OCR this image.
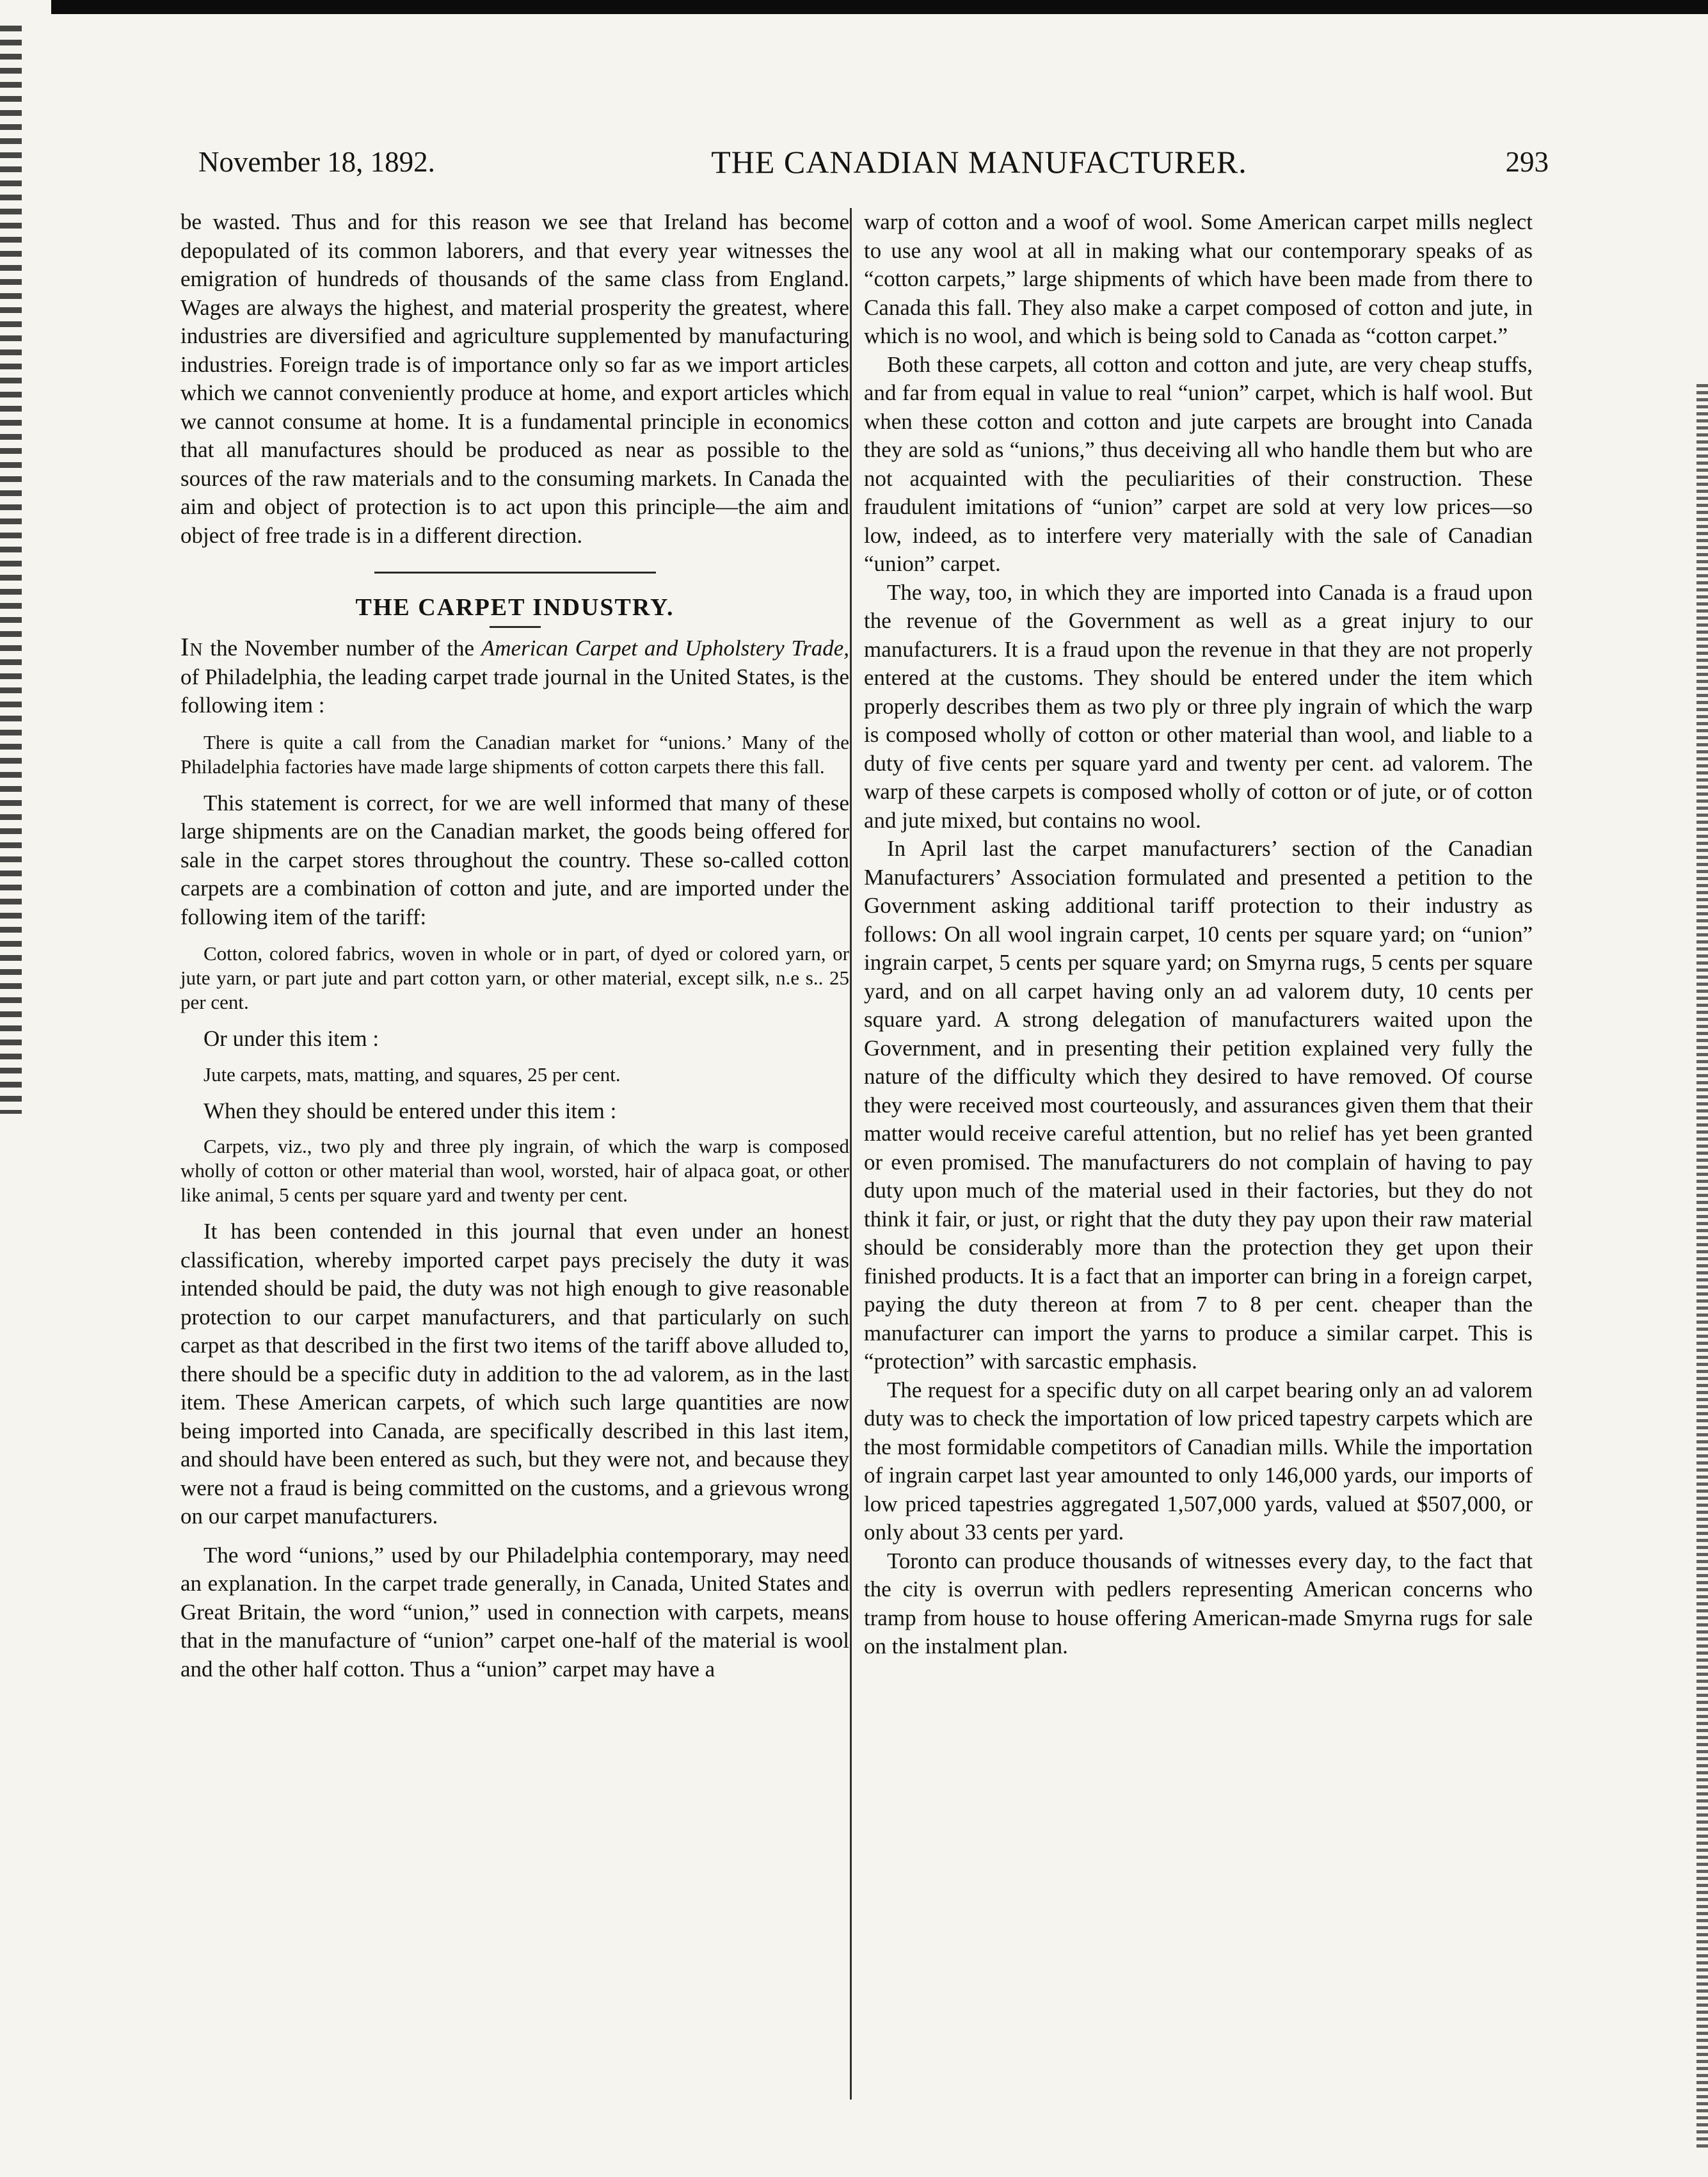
November 18, 1892.	THE CANADIAN MANUFACTURER.	293

be wasted. Thus and for this reason we see that Ireland has become depopulated of its common laborers, and that every year witnesses the emigration of hundreds of thousands of the same class from England. Wages are always the highest, and material prosperity the greatest, where industries are diversified and agriculture supplemented by manufacturing industries. Foreign trade is of importance only so far as we import articles which we cannot conveniently produce at home, and export articles which we cannot consume at home. It is a fundamental principle in economics that all manufactures should be produced as near as possible to the sources of the raw materials and to the consuming markets. In Canada the aim and object of protection is to act upon this principle—the aim and object of free trade is in a different direction.

THE CARPET INDUSTRY.

In the November number of the American Carpet and Upholstery Trade, of Philadelphia, the leading carpet trade journal in the United States, is the following item :

There is quite a call from the Canadian market for “unions.’ Many of the Philadelphia factories have made large shipments of cotton carpets there this fall.

This statement is correct, for we are well informed that many of these large shipments are on the Canadian market, the goods being offered for sale in the carpet stores throughout the country. These so-called cotton carpets are a combination of cotton and jute, and are imported under the following item of the tariff:

Cotton, colored fabrics, woven in whole or in part, of dyed or colored yarn, or jute yarn, or part jute and part cotton yarn, or other material, except silk, n.e s.. 25 per cent.

Or under this item :

Jute carpets, mats, matting, and squares, 25 per cent.

When they should be entered under this item :

Carpets, viz., two ply and three ply ingrain, of which the warp is composed wholly of cotton or other material than wool, worsted, hair of alpaca goat, or other like animal, 5 cents per square yard and twenty per cent.

It has been contended in this journal that even under an honest classification, whereby imported carpet pays precisely the duty it was intended should be paid, the duty was not high enough to give reasonable protection to our carpet manufacturers, and that particularly on such carpet as that described in the first two items of the tariff above alluded to, there should be a specific duty in addition to the ad valorem, as in the last item. These American carpets, of which such large quantities are now being imported into Canada, are specifically described in this last item, and should have been entered as such, but they were not, and because they were not a fraud is being committed on the customs, and a grievous wrong on our carpet manufacturers.

The word “unions,” used by our Philadelphia contemporary, may need an explanation. In the carpet trade generally, in Canada, United States and Great Britain, the word “union,” used in connection with carpets, means that in the manufacture of “union” carpet one-half of the material is wool and the other half cotton. Thus a “union” carpet may have a

warp of cotton and a woof of wool. Some American carpet mills neglect to use any wool at all in making what our contemporary speaks of as “cotton carpets,” large shipments of which have been made from there to Canada this fall. They also make a carpet composed of cotton and jute, in which is no wool, and which is being sold to Canada as “cotton carpet.”

Both these carpets, all cotton and cotton and jute, are very cheap stuffs, and far from equal in value to real “union” carpet, which is half wool. But when these cotton and cotton and jute carpets are brought into Canada they are sold as “unions,” thus deceiving all who handle them but who are not acquainted with the peculiarities of their construction. These fraudulent imitations of “union” carpet are sold at very low prices—so low, indeed, as to interfere very materially with the sale of Canadian “union” carpet.

The way, too, in which they are imported into Canada is a fraud upon the revenue of the Government as well as a great injury to our manufacturers. It is a fraud upon the revenue in that they are not properly entered at the customs. They should be entered under the item which properly describes them as two ply or three ply ingrain of which the warp is composed wholly of cotton or other material than wool, and liable to a duty of five cents per square yard and twenty per cent. ad valorem. The warp of these carpets is composed wholly of cotton or of jute, or of cotton and jute mixed, but contains no wool.

In April last the carpet manufacturers’ section of the Canadian Manufacturers’ Association formulated and presented a petition to the Government asking additional tariff protection to their industry as follows: On all wool ingrain carpet, 10 cents per square yard; on “union” ingrain carpet, 5 cents per square yard; on Smyrna rugs, 5 cents per square yard, and on all carpet having only an ad valorem duty, 10 cents per square yard. A strong delegation of manufacturers waited upon the Government, and in presenting their petition explained very fully the nature of the difficulty which they desired to have removed. Of course they were received most courteously, and assurances given them that their matter would receive careful attention, but no relief has yet been granted or even promised. The manufacturers do not complain of having to pay duty upon much of the material used in their factories, but they do not think it fair, or just, or right that the duty they pay upon their raw material should be considerably more than the protection they get upon their finished products. It is a fact that an importer can bring in a foreign carpet, paying the duty thereon at from 7 to 8 per cent. cheaper than the manufacturer can import the yarns to produce a similar carpet. This is “protection” with sarcastic emphasis.

The request for a specific duty on all carpet bearing only an ad valorem duty was to check the importation of low priced tapestry carpets which are the most formidable competitors of Canadian mills. While the importation of ingrain carpet last year amounted to only 146,000 yards, our imports of low priced tapestries aggregated 1,507,000 yards, valued at $507,000, or only about 33 cents per yard.

Toronto can produce thousands of witnesses every day, to the fact that the city is overrun with pedlers representing American concerns who tramp from house to house offering American-made Smyrna rugs for sale on the instalment plan.
